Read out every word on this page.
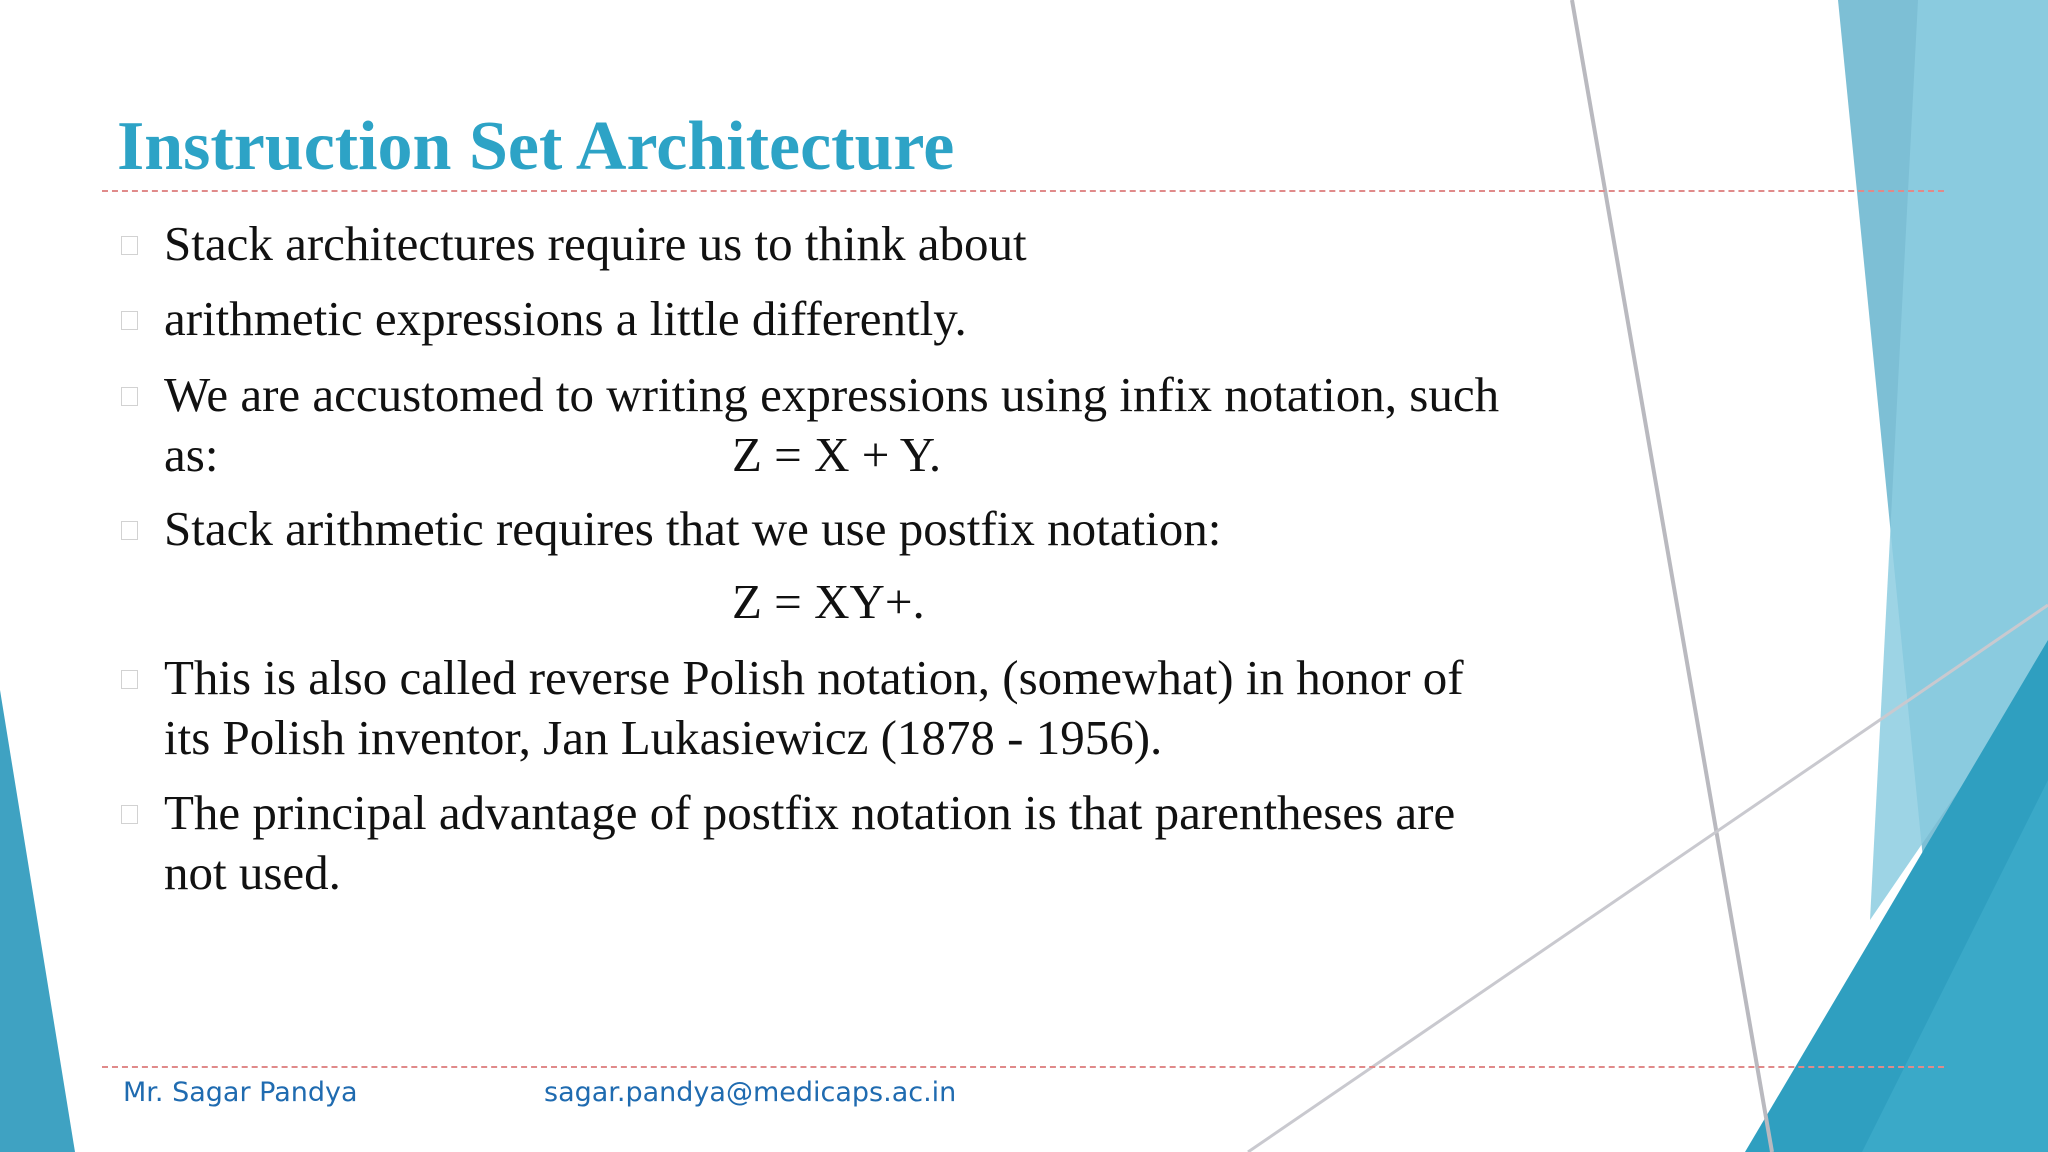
Instruction Set Architecture
Stack architectures require us to think about
arithmetic expressions a little differently.
We are accustomed to writing expressions using infix notation, such
as:	Z = X + Y.
Stack arithmetic requires that we use postfix notation:
Z = XY+.
This is also called reverse Polish notation, (somewhat) in honor of
its Polish inventor, Jan Lukasiewicz (1878 - 1956).
The principal advantage of postfix notation is that parentheses are
not used.
Mr. Sagar Pandya	sagar.pandya@medicaps.ac.in
